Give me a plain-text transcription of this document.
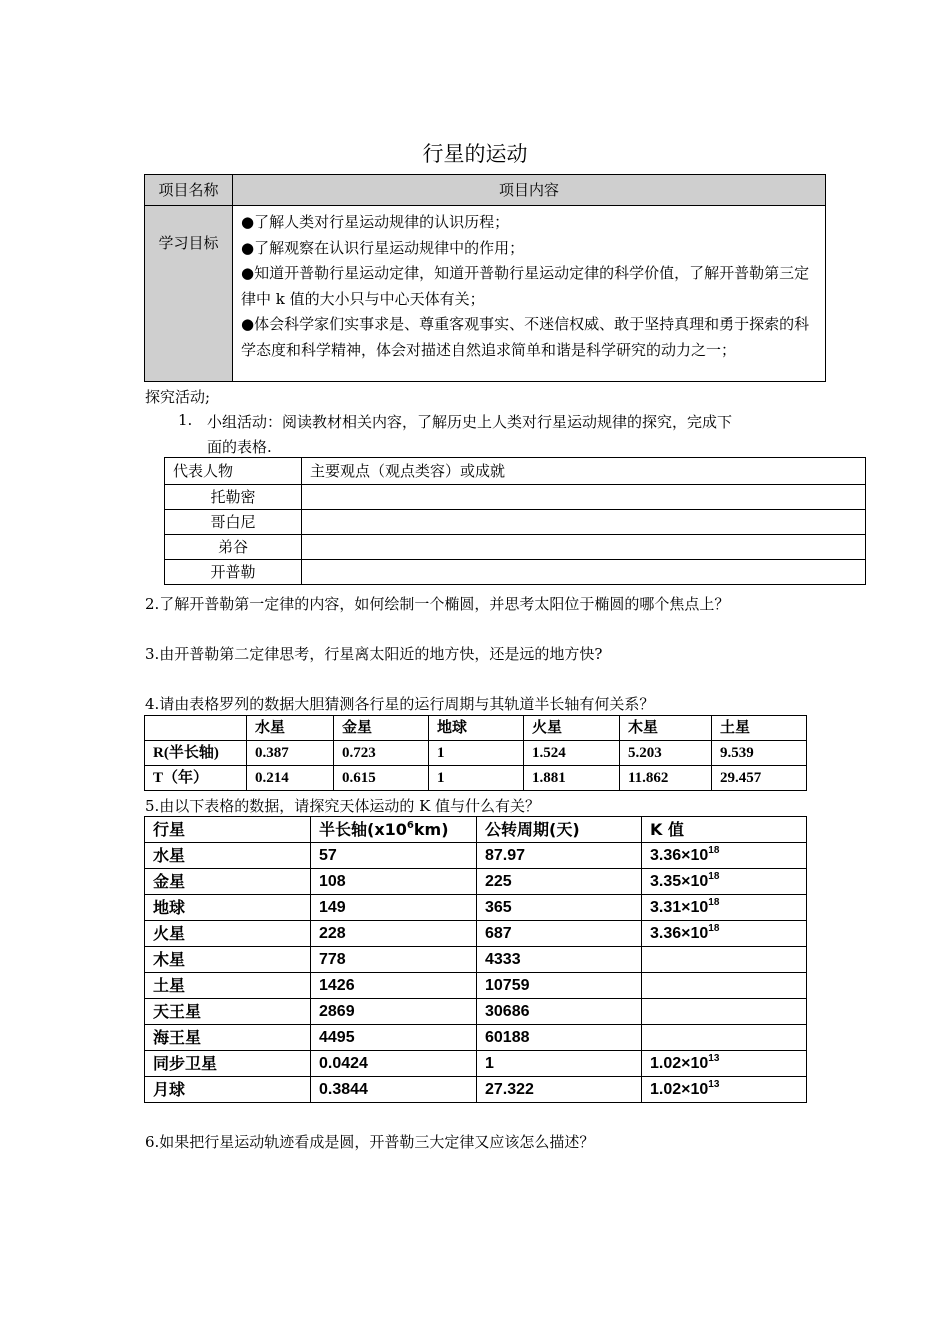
行星的运动
项目名称	项目内容
学习目标	●了解人类对行星运动规律的认识历程；
●了解观察在认识行星运动规律中的作用；
●知道开普勒行星运动定律，知道开普勒行星运动定律的科学价值，了解开普勒第三定律中 k 值的大小只与中心天体有关；
●体会科学家们实事求是、尊重客观事实、不迷信权威、敢于坚持真理和勇于探索的科学态度和科学精神，体会对描述自然追求简单和谐是科学研究的动力之一；
探究活动;
1. 小组活动：阅读教材相关内容，了解历史上人类对行星运动规律的探究，完成下
面的表格.
代表人物	主要观点（观点类容）或成就
托勒密	
哥白尼	
弟谷	
开普勒	
2.了解开普勒第一定律的内容，如何绘制一个椭圆，并思考太阳位于椭圆的哪个焦点上？
3.由开普勒第二定律思考，行星离太阳近的地方快，还是远的地方快?
4.请由表格罗列的数据大胆猜测各行星的运行周期与其轨道半长轴有何关系？
	水星	金星	地球	火星	木星	土星
R(半长轴)	0.387	0.723	1	1.524	5.203	9.539
T（年）	0.214	0.615	1	1.881	11.862	29.457
5.由以下表格的数据，请探究天体运动的 K 值与什么有关？
行星	半长轴$(x10^6km)$	公转周期(天)	K 值
水星	57	87.97	$3.36\times 10^{18}$
金星	108	225	$3.35\times 10^{18}$
地球	149	365	$3.31\times 10^{18}$
火星	228	687	$3.36\times 10^{18}$
木星	778	4333	
土星	1426	10759	
天王星	2869	30686	
海王星	4495	60188	
同步卫星	0.0424	1	$1.02\times 10^{13}$
月球	0.3844	27.322	$1.02\times 10^{13}$
6.如果把行星运动轨迹看成是圆，开普勒三大定律又应该怎么描述？
